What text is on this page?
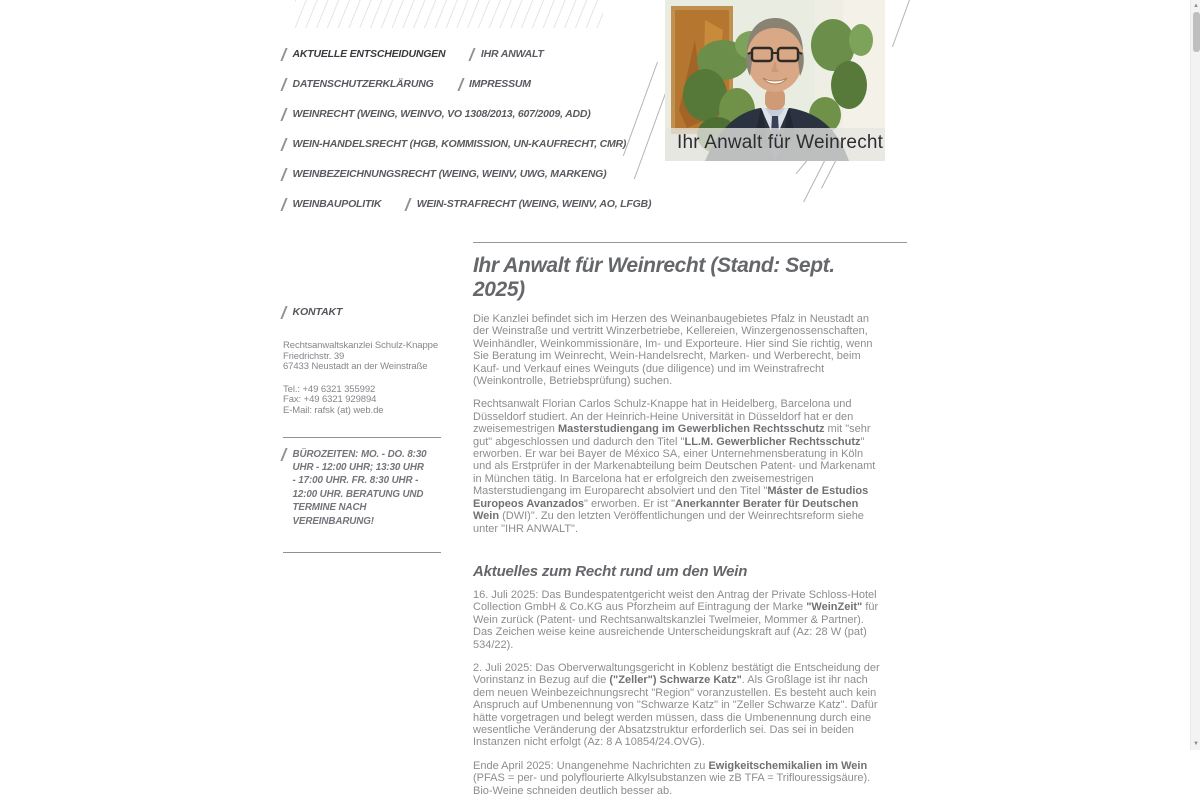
AKTUELLE ENTSCHEIDUNGEN	IHR ANWALT
DATENSCHUTZERKLÄRUNG	IMPRESSUM
WEINRECHT (WEING, WEINVO, VO 1308/2013, 607/2009, ADD)
WEIN-HANDELSRECHT (HGB, KOMMISSION, UN-KAUFRECHT, CMR)
WEINBEZEICHNUNGSRECHT (WEING, WEINV, UWG, MARKENG)
WEINBAUPOLITIK	WEIN-STRAFRECHT (WEING, WEINV, AO, LFGB)
Ihr Anwalt für Weinrecht
KONTAKT
Rechtsanwaltskanzlei Schulz-Knappe
Friedrichstr. 39
67433 Neustadt an der Weinstraße
Tel.: +49 6321 355992
Fax: +49 6321 929894
E-Mail: rafsk (at) web.de
BÜROZEITEN: MO. - DO. 8:30 UHR - 12:00 UHR; 13:30 UHR - 17:00 UHR. FR. 8:30 UHR - 12:00 UHR. BERATUNG UND TERMINE NACH VEREINBARUNG!
Ihr Anwalt für Weinrecht (Stand: Sept. 2025)

Die Kanzlei befindet sich im Herzen des Weinanbaugebietes Pfalz in Neustadt an der Weinstraße und vertritt Winzerbetriebe, Kellereien, Winzergenossenschaften, Weinhändler, Weinkommissionäre, Im- und Exporteure. Hier sind Sie richtig, wenn Sie Beratung im Weinrecht, Wein-Handelsrecht, Marken- und Werberecht, beim Kauf- und Verkauf eines Weinguts (due diligence) und im Weinstrafrecht (Weinkontrolle, Betriebsprüfung) suchen.

Rechtsanwalt Florian Carlos Schulz-Knappe hat in Heidelberg, Barcelona und Düsseldorf studiert. An der Heinrich-Heine Universität in Düsseldorf hat er den zweisemestrigen Masterstudiengang im Gewerblichen Rechtsschutz mit "sehr gut" abgeschlossen und dadurch den Titel "LL.M. Gewerblicher Rechtsschutz" erworben. Er war bei Bayer de México SA, einer Unternehmensberatung in Köln und als Erstprüfer in der Markenabteilung beim Deutschen Patent- und Markenamt in München tätig. In Barcelona hat er erfolgreich den zweisemestrigen Masterstudiengang im Europarecht absolviert und den Titel "Máster de Estudios Europeos Avanzados" erworben. Er ist "Anerkannter Berater für Deutschen Wein (DWI)". Zu den letzten Veröffentlichungen und der Weinrechtsreform siehe unter "IHR ANWALT".

Aktuelles zum Recht rund um den Wein

16. Juli 2025: Das Bundespatentgericht weist den Antrag der Private Schloss-Hotel Collection GmbH & Co.KG aus Pforzheim auf Eintragung der Marke "WeinZeit" für Wein zurück (Patent- und Rechtsanwaltskanzlei Twelmeier, Mommer & Partner). Das Zeichen weise keine ausreichende Unterscheidungskraft auf (Az: 28 W (pat) 534/22).

2. Juli 2025: Das Oberverwaltungsgericht in Koblenz bestätigt die Entscheidung der Vorinstanz in Bezug auf die ("Zeller") Schwarze Katz". Als Großlage ist ihr nach dem neuen Weinbezeichnungsrecht "Region" voranzustellen. Es besteht auch kein Anspruch auf Umbenennung von "Schwarze Katz" in "Zeller Schwarze Katz". Dafür hätte vorgetragen und belegt werden müssen, dass die Umbenennung durch eine wesentliche Veränderung der Absatzstruktur erforderlich sei. Das sei in beiden Instanzen nicht erfolgt (Az: 8 A 10854/24.OVG).

Ende April 2025: Unangenehme Nachrichten zu Ewigkeitschemikalien im Wein (PFAS = per- und polyflourierte Alkylsubstanzen wie zB TFA = Triflouressigsäure). Bio-Weine schneiden deutlich besser ab.

▲
▼
